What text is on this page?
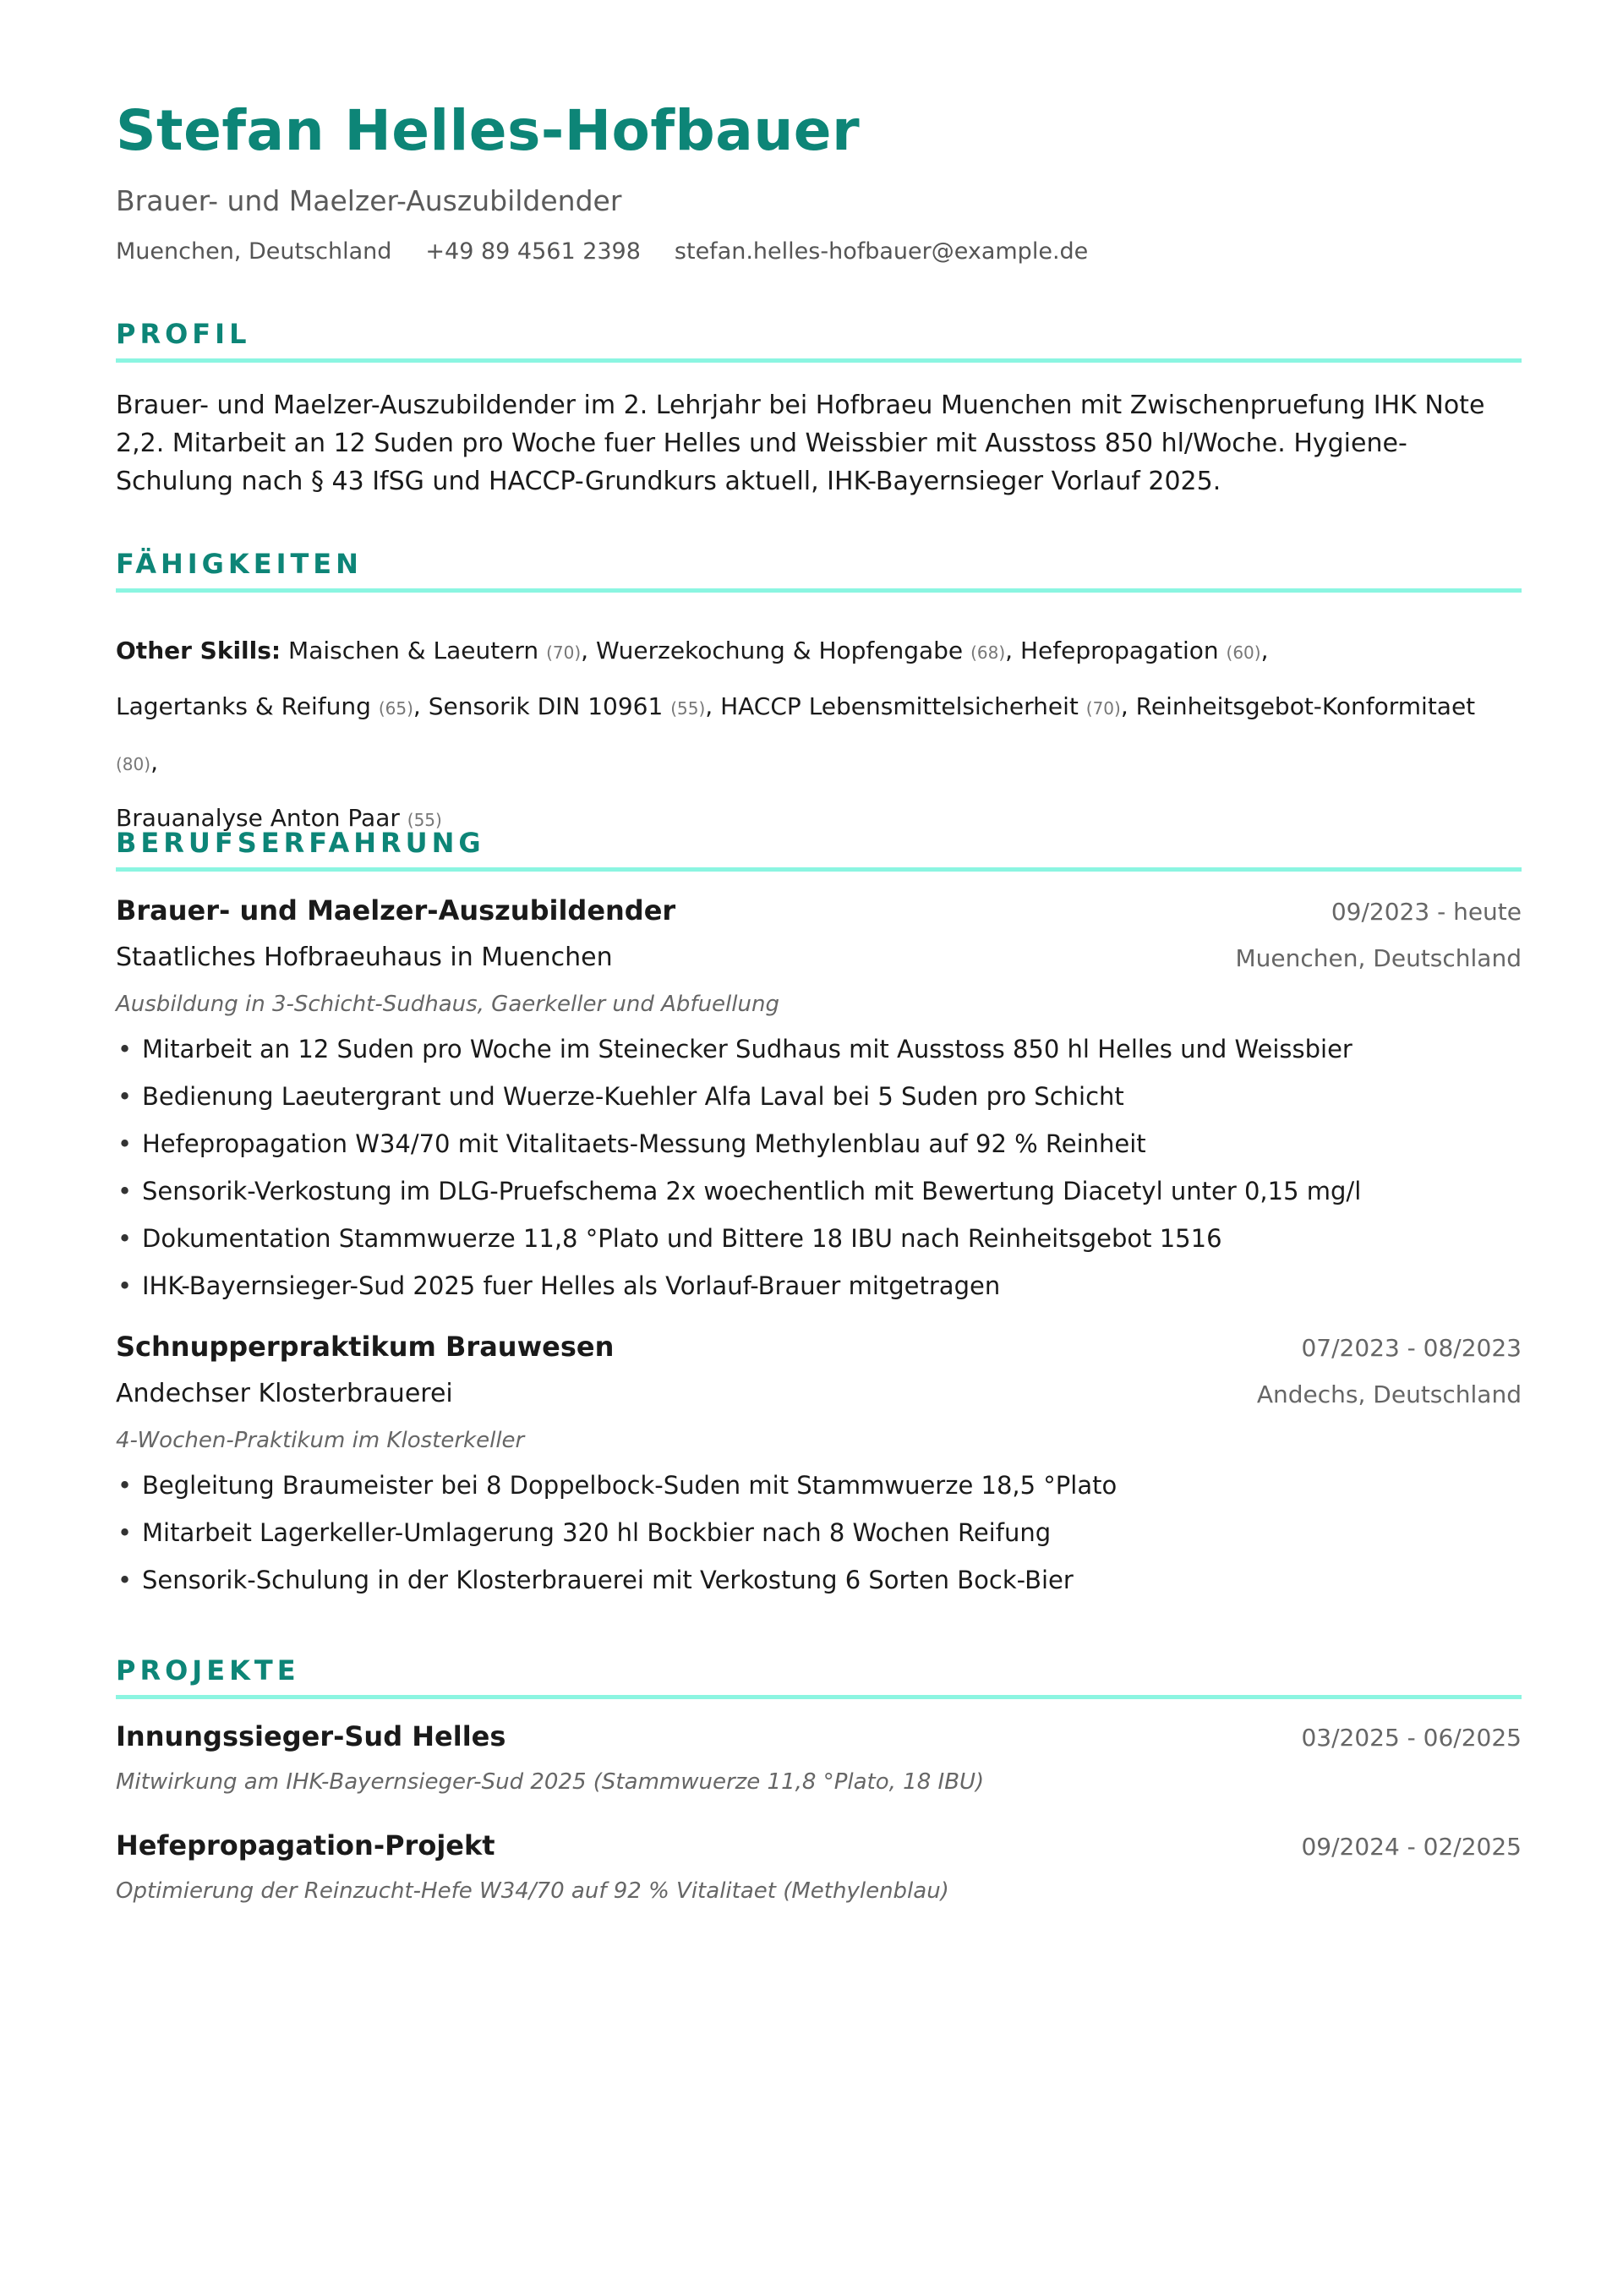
Stefan Helles-Hofbauer
Brauer- und Maelzer-Auszubildender
Muenchen, Deutschland +49 89 4561 2398 stefan.helles-hofbauer@example.de
PROFIL
Brauer- und Maelzer-Auszubildender im 2. Lehrjahr bei Hofbraeu Muenchen mit Zwischenpruefung IHK Note 2,2. Mitarbeit an 12 Suden pro Woche fuer Helles und Weissbier mit Ausstoss 850 hl/Woche. Hygiene-Schulung nach § 43 IfSG und HACCP-Grundkurs aktuell, IHK-Bayernsieger Vorlauf 2025.
FÄHIGKEITEN
Other Skills: Maischen & Laeutern (70), Wuerzekochung & Hopfengabe (68), Hefepropagation (60),
Lagertanks & Reifung (65), Sensorik DIN 10961 (55), HACCP Lebensmittelsicherheit (70), Reinheitsgebot-Konformitaet (80),
Brauanalyse Anton Paar (55)
BERUFSERFAHRUNG
Brauer- und Maelzer-Auszubildender	09/2023 - heute
Staatliches Hofbraeuhaus in Muenchen	Muenchen, Deutschland
Ausbildung in 3-Schicht-Sudhaus, Gaerkeller und Abfuellung
• Mitarbeit an 12 Suden pro Woche im Steinecker Sudhaus mit Ausstoss 850 hl Helles und Weissbier
• Bedienung Laeutergrant und Wuerze-Kuehler Alfa Laval bei 5 Suden pro Schicht
• Hefepropagation W34/70 mit Vitalitaets-Messung Methylenblau auf 92 % Reinheit
• Sensorik-Verkostung im DLG-Pruefschema 2x woechentlich mit Bewertung Diacetyl unter 0,15 mg/l
• Dokumentation Stammwuerze 11,8 °Plato und Bittere 18 IBU nach Reinheitsgebot 1516
• IHK-Bayernsieger-Sud 2025 fuer Helles als Vorlauf-Brauer mitgetragen
Schnupperpraktikum Brauwesen	07/2023 - 08/2023
Andechser Klosterbrauerei	Andechs, Deutschland
4-Wochen-Praktikum im Klosterkeller
• Begleitung Braumeister bei 8 Doppelbock-Suden mit Stammwuerze 18,5 °Plato
• Mitarbeit Lagerkeller-Umlagerung 320 hl Bockbier nach 8 Wochen Reifung
• Sensorik-Schulung in der Klosterbrauerei mit Verkostung 6 Sorten Bock-Bier
PROJEKTE
Innungssieger-Sud Helles	03/2025 - 06/2025
Mitwirkung am IHK-Bayernsieger-Sud 2025 (Stammwuerze 11,8 °Plato, 18 IBU)
Hefepropagation-Projekt	09/2024 - 02/2025
Optimierung der Reinzucht-Hefe W34/70 auf 92 % Vitalitaet (Methylenblau)
